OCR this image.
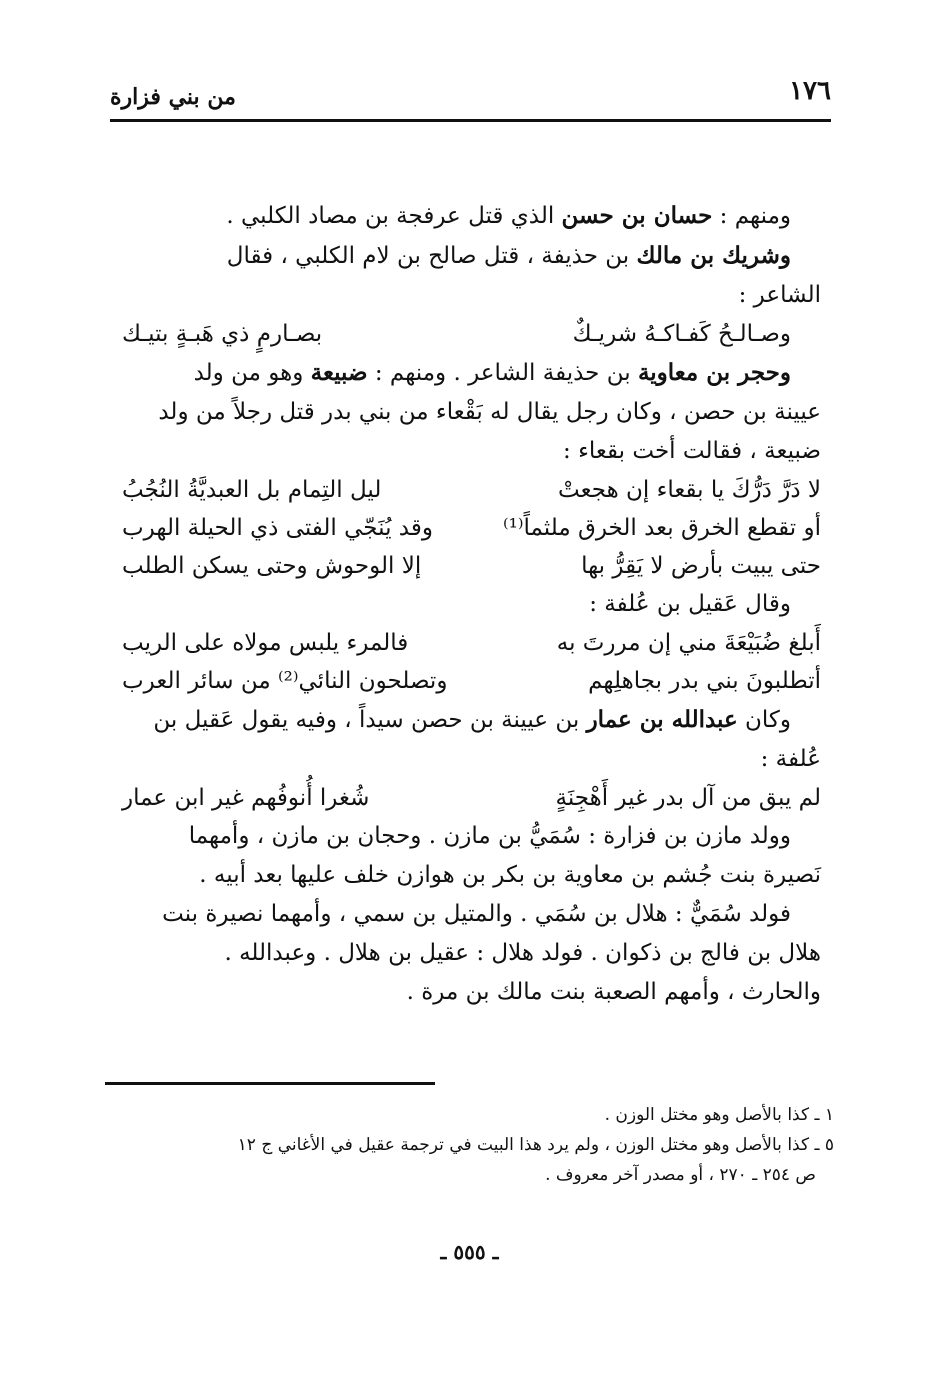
١٧٦
من بني فزارة

ومنهم : حسان بن حسن الذي قتل عرفجة بن مصاد الكلبي .

وشريك بن مالك بن حذيفة ، قتل صالح بن لام الكلبي ، فقال

الشاعر :

وصـالـحُ كَفـاكـهُ شريـكٌ
بصـارمٍ ذي هَبـةٍ بتيـك

وحجر بن معاوية بن حذيفة الشاعر . ومنهم : ضبيعة وهو من ولد

عيينة بن حصن ، وكان رجل يقال له بَقْعاء من بني بدر قتل رجلاً من ولد

ضبيعة ، فقالت أخت بقعاء :

لا دَرَّ دَرُّكَ يا بقعاء إن هجعتْ
ليل التِمام بل العبديَّةُ النُجُبُ
أو تقطع الخرق بعد الخرق ملثماً⁽¹⁾
وقد يُنَجّي الفتى ذي الحيلة الهرب
حتى يبيت بأرض لا يَقِرُّ بها
إلا الوحوش وحتى يسكن الطلب

وقال عَقيل بن عُلفة :

أَبلغ ضُبَيْعَةَ مني إن مررتَ به
فالمرء يلبس مولاه على الريب
أتطلبونَ بني بدر بجاهلِهم
وتصلحون النائي⁽²⁾ من سائر العرب

وكان عبدالله بن عمار بن عيينة بن حصن سيداً ، وفيه يقول عَقيل بن

عُلفة :

لم يبق من آل بدر غير أَهْجِنَةٍ
شُغرا أُنوفُهم غير ابن عمار

وولد مازن بن فزارة : سُمَيُّ بن مازن . وحجان بن مازن ، وأمهما

نَصيرة بنت جُشم بن معاوية بن بكر بن هوازن خلف عليها بعد أبيه .

فولد سُمَيٌّ : هلال بن سُمَي . والمتيل بن سمي ، وأمهما نصيرة بنت

هلال بن فالج بن ذكوان . فولد هلال : عقيل بن هلال . وعبدالله .

والحارث ، وأمهم الصعبة بنت مالك بن مرة .

١ ـ كذا بالأصل وهو مختل الوزن .
٥ ـ كذا بالأصل وهو مختل الوزن ، ولم يرد هذا البيت في ترجمة عقيل في الأغاني ج ١٢
ص ٢٥٤ ـ ٢٧٠ ، أو مصدر آخر معروف .
ـ ٥٥٥ ـ
